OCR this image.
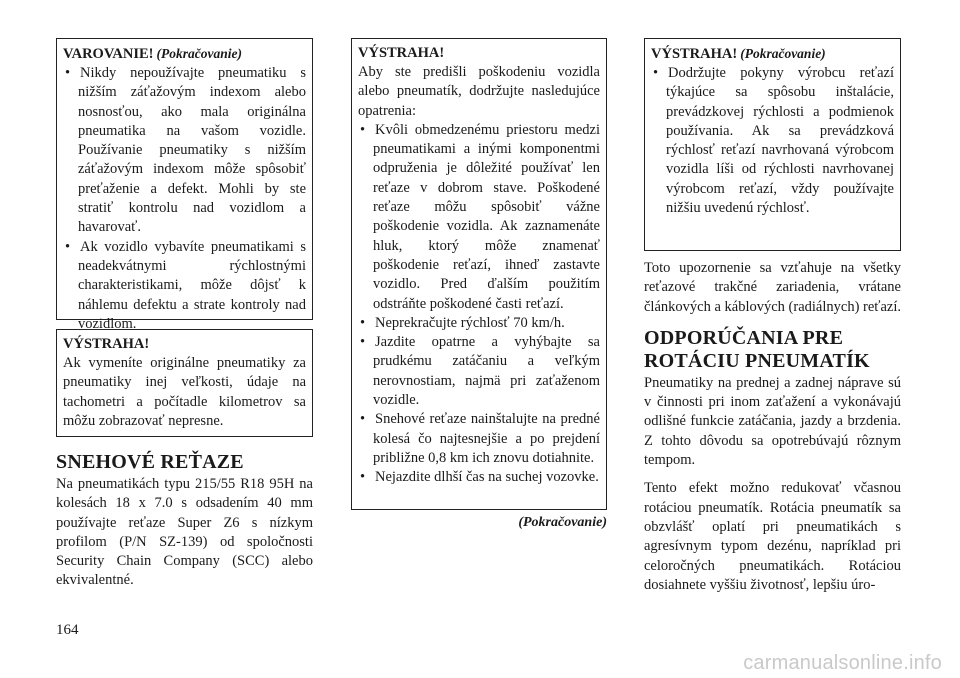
VAROVANIE! (Pokračovanie)
• Nikdy nepoužívajte pneumatiku s nižším záťažovým indexom alebo nosnosťou, ako mala originálna pneumatika na vašom vozidle. Používanie pneumatiky s nižším záťažovým indexom môže spôsobiť preťaženie a defekt. Mohli by ste stratiť kontrolu nad vozidlom a havarovať.
• Ak vozidlo vybavíte pneumatikami s neadekvátnymi rýchlostnými charakteristikami, môže dôjsť k náhlemu defektu a strate kontroly nad vozidlom.
VÝSTRAHA!

Ak vymeníte originálne pneumatiky za pneumatiky inej veľkosti, údaje na tachometri a počítadle kilometrov sa môžu zobrazovať nepresne.

SNEHOVÉ REŤAZE

Na pneumatikách typu 215/55 R18 95H na kolesách 18 x 7.0 s odsadením 40 mm používajte reťaze Super Z6 s nízkym profilom (P/N SZ-139) od spoločnosti Security Chain Company (SCC) alebo ekvivalentné.

VÝSTRAHA!

Aby ste predišli poškodeniu vozidla alebo pneumatík, dodržujte nasledujúce opatrenia:

• Kvôli obmedzenému priestoru medzi pneumatikami a inými komponentmi odpruženia je dôležité používať len reťaze v dobrom stave. Poškodené reťaze môžu spôsobiť vážne poškodenie vozidla. Ak zaznamenáte hluk, ktorý môže znamenať poškodenie reťazí, ihneď zastavte vozidlo. Pred ďalším použitím odstráňte poškodené časti reťazí.
• Neprekračujte rýchlosť 70 km/h.
• Jazdite opatrne a vyhýbajte sa prudkému zatáčaniu a veľkým nerovnostiam, najmä pri zaťaženom vozidle.
• Snehové reťaze nainštalujte na predné kolesá čo najtesnejšie a po prejdení približne 0,8 km ich znovu dotiahnite.
• Nejazdite dlhší čas na suchej vozovke.
(Pokračovanie)
VÝSTRAHA! (Pokračovanie)
• Dodržujte pokyny výrobcu reťazí týkajúce sa spôsobu inštalácie, prevádzkovej rýchlosti a podmienok používania. Ak sa prevádzková rýchlosť reťazí navrhovaná výrobcom vozidla líši od rýchlosti navrhovanej výrobcom reťazí, vždy používajte nižšiu uvedenú rýchlosť.

Toto upozornenie sa vzťahuje na všetky reťazové trakčné zariadenia, vrátane článkových a káblových (radiálnych) reťazí.

ODPORÚČANIA PRE ROTÁCIU PNEUMATÍK

Pneumatiky na prednej a zadnej náprave sú v činnosti pri inom zaťažení a vykonávajú odlišné funkcie zatáčania, jazdy a brzdenia. Z tohto dôvodu sa opotrebúvajú rôznym tempom.

Tento efekt možno redukovať včasnou rotáciou pneumatík. Rotácia pneumatík sa obzvlášť oplatí pri pneumatikách s agresívnym typom dezénu, napríklad pri celoročných pneumatikách. Rotáciou dosiahnete vyššiu životnosť, lepšiu úro-

164
carmanualsonline.info
